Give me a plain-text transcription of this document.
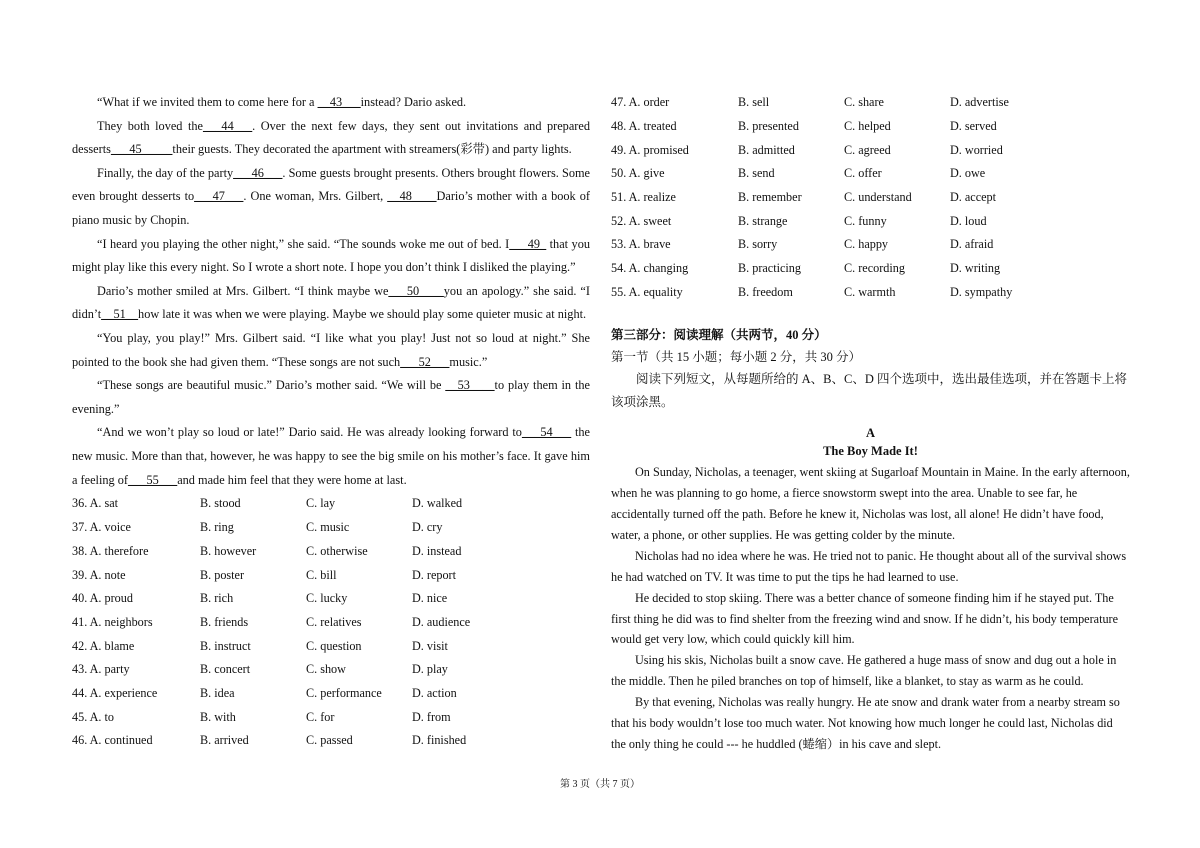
“What if we invited them to come here for a __43___instead? Dario asked.

They both loved the___44___. Over the next few days, they sent out invitations and prepared desserts___45_____their guests. They decorated the apartment with streamers(彩带) and party lights.

Finally, the day of the party___46___. Some guests brought presents. Others brought flowers. Some even brought desserts to___47___. One woman, Mrs. Gilbert, __48____Dario’s mother with a book of piano music by Chopin.

“I heard you playing the other night,” she said. “The sounds woke me out of bed. I___49_ that you might play like this every night. So I wrote a short note. I hope you don’t think I disliked the playing.”

Dario’s mother smiled at Mrs. Gilbert. “I think maybe we___50____you an apology.” she said. “I didn’t__51__how late it was when we were playing. Maybe we should play some quieter music at night.

“You play, you play!” Mrs. Gilbert said. “I like what you play! Just not so loud at night.” She pointed to the book she had given them. “These songs are not such___52___music.”

“These songs are beautiful music.” Dario’s mother said. “We will be __53____to play them in the evening.”

“And we won’t play so loud or late!” Dario said. He was already looking forward to___54___ the new music. More than that, however, he was happy to see the big smile on his mother’s face. It gave him a feeling of___55___and made him feel that they were home at last.

36. A. sat	B. stood	C. lay	D. walked
37. A. voice	B. ring	C. music	D. cry
38. A. therefore	B. however	C. otherwise	D. instead
39. A. note	B. poster	C. bill	D. report
40. A. proud	B. rich	C. lucky	D. nice
41. A. neighbors	B. friends	C. relatives	D. audience
42. A. blame	B. instruct	C. question	D. visit
43. A. party	B. concert	C. show	D. play
44. A. experience	B. idea	C. performance	D. action
45. A. to	B. with	C. for	D. from
46. A. continued	B. arrived	C. passed	D. finished
47. A. order	B. sell	C. share	D. advertise
48. A. treated	B. presented	C. helped	D. served
49. A. promised	B. admitted	C. agreed	D. worried
50. A. give	B. send	C. offer	D. owe
51. A. realize	B. remember	C. understand	D. accept
52. A. sweet	B. strange	C. funny	D. loud
53. A. brave	B. sorry	C. happy	D. afraid
54. A. changing	B. practicing	C. recording	D. writing
55. A. equality	B. freedom	C. warmth	D. sympathy
第三部分：阅读理解（共两节，40 分）
第一节（共 15 小题；每小题 2 分，共 30 分）

阅读下列短文，从每题所给的 A、B、C、D 四个选项中，选出最佳选项，并在答题卡上将该项涂黑。

A
The Boy Made It!

On Sunday, Nicholas, a teenager, went skiing at Sugarloaf Mountain in Maine. In the early afternoon, when he was planning to go home, a fierce snowstorm swept into the area. Unable to see far, he accidentally turned off the path. Before he knew it, Nicholas was lost, all alone! He didn’t have food, water, a phone, or other supplies. He was getting colder by the minute.

Nicholas had no idea where he was. He tried not to panic. He thought about all of the survival shows he had watched on TV. It was time to put the tips he had learned to use.

He decided to stop skiing. There was a better chance of someone finding him if he stayed put. The first thing he did was to find shelter from the freezing wind and snow. If he didn’t, his body temperature would get very low, which could quickly kill him.

Using his skis, Nicholas built a snow cave. He gathered a huge mass of snow and dug out a hole in the middle. Then he piled branches on top of himself, like a blanket, to stay as warm as he could.

By that evening, Nicholas was really hungry. He ate snow and drank water from a nearby stream so that his body wouldn’t lose too much water. Not knowing how much longer he could last, Nicholas did the only thing he could --- he huddled (蜷缩）in his cave and slept.

第 3 页（共 7 页）
